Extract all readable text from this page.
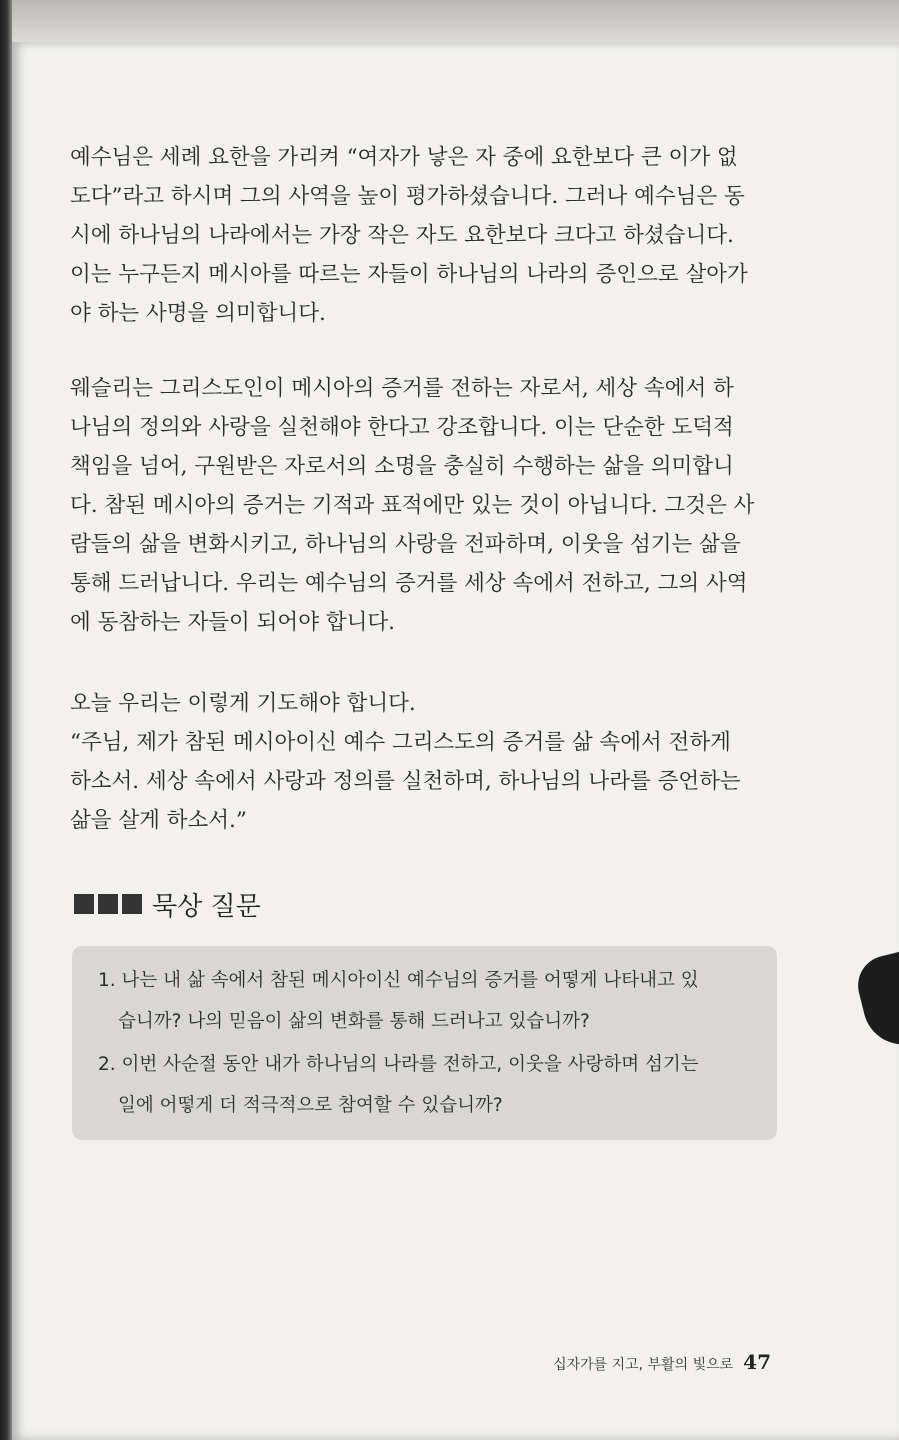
예수님은 세례 요한을 가리켜 “여자가 낳은 자 중에 요한보다 큰 이가 없
도다”라고 하시며 그의 사역을 높이 평가하셨습니다. 그러나 예수님은 동
시에 하나님의 나라에서는 가장 작은 자도 요한보다 크다고 하셨습니다.
이는 누구든지 메시아를 따르는 자들이 하나님의 나라의 증인으로 살아가
야 하는 사명을 의미합니다.

웨슬리는 그리스도인이 메시아의 증거를 전하는 자로서, 세상 속에서 하
나님의 정의와 사랑을 실천해야 한다고 강조합니다. 이는 단순한 도덕적
책임을 넘어, 구원받은 자로서의 소명을 충실히 수행하는 삶을 의미합니
다. 참된 메시아의 증거는 기적과 표적에만 있는 것이 아닙니다. 그것은 사
람들의 삶을 변화시키고, 하나님의 사랑을 전파하며, 이웃을 섬기는 삶을
통해 드러납니다. 우리는 예수님의 증거를 세상 속에서 전하고, 그의 사역
에 동참하는 자들이 되어야 합니다.

오늘 우리는 이렇게 기도해야 합니다.
“주님, 제가 참된 메시아이신 예수 그리스도의 증거를 삶 속에서 전하게
하소서. 세상 속에서 사랑과 정의를 실천하며, 하나님의 나라를 증언하는
삶을 살게 하소서.”

묵상 질문

1. 나는 내 삶 속에서 참된 메시아이신 예수님의 증거를 어떻게 나타내고 있
습니까? 나의 믿음이 삶의 변화를 통해 드러나고 있습니까?

2. 이번 사순절 동안 내가 하나님의 나라를 전하고, 이웃을 사랑하며 섬기는
일에 어떻게 더 적극적으로 참여할 수 있습니까?

십자가를 지고, 부활의 빛으로 47
